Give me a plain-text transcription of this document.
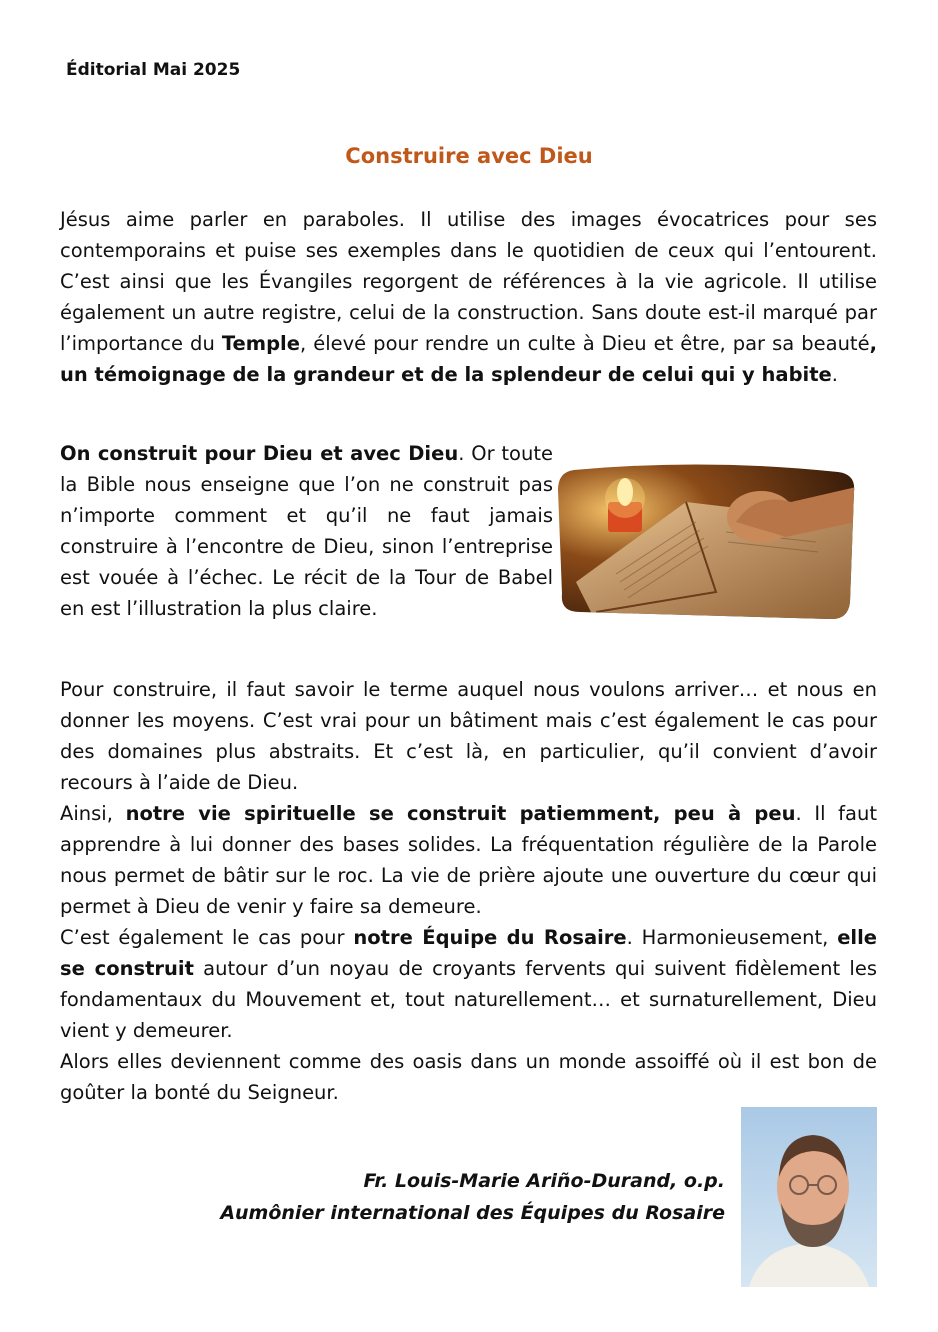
Éditorial Mai 2025
Construire avec Dieu

Jésus aime parler en paraboles. Il utilise des images évocatrices pour ses contemporains et puise ses exemples dans le quotidien de ceux qui l’entourent. C’est ainsi que les Évangiles regorgent de références à la vie agricole. Il utilise également un autre registre, celui de la construction. Sans doute est-il marqué par l’importance du Temple, élevé pour rendre un culte à Dieu et être, par sa beauté, un témoignage de la grandeur et de la splendeur de celui qui y habite.

On construit pour Dieu et avec Dieu. Or toute la Bible nous enseigne que l’on ne construit pas n’importe comment et qu’il ne faut jamais construire à l’encontre de Dieu, sinon l’entreprise est vouée à l’échec. Le récit de la Tour de Babel en est l’illustration la plus claire.

Pour construire, il faut savoir le terme auquel nous voulons arriver… et nous en donner les moyens. C’est vrai pour un bâtiment mais c’est également le cas pour des domaines plus abstraits. Et c’est là, en particulier, qu’il convient d’avoir recours à l’aide de Dieu.
Ainsi, notre vie spirituelle se construit patiemment, peu à peu. Il faut apprendre à lui donner des bases solides. La fréquentation régulière de la Parole nous permet de bâtir sur le roc. La vie de prière ajoute une ouverture du cœur qui permet à Dieu de venir y faire sa demeure.
C’est également le cas pour notre Équipe du Rosaire. Harmonieusement, elle se construit autour d’un noyau de croyants fervents qui suivent fidèlement les fondamentaux du Mouvement et, tout naturellement… et surnaturellement, Dieu vient y demeurer.
Alors elles deviennent comme des oasis dans un monde assoiffé où il est bon de goûter la bonté du Seigneur.

Fr. Louis-Marie Ariño-Durand, o.p.
Aumônier international des Équipes du Rosaire
